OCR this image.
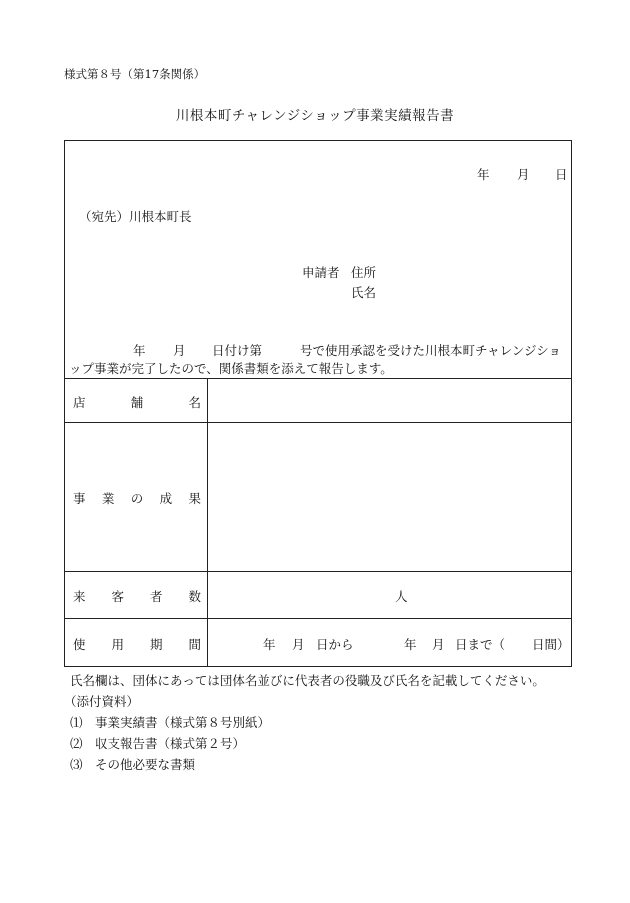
様式第８号（第17条関係）
川根本町チャレンジショップ事業実績報告書
年 月 日
（宛先）川根本町長
申請者 住所
氏名
年 月 日付け第	号で使用承認を受けた川根本町チャレンジショ
ップ事業が完了したので、関係書類を添えて報告します。
店	舗	名
事 業 の 成 果
来 客 者 数	人
使 用 期 間	年 月 日から	年 月 日まで（ 日間）
氏名欄は、団体にあっては団体名並びに代表者の役職及び氏名を記載してください。
（添付資料）
⑴　事業実績書（様式第８号別紙）
⑵　収支報告書（様式第２号）
⑶　その他必要な書類
